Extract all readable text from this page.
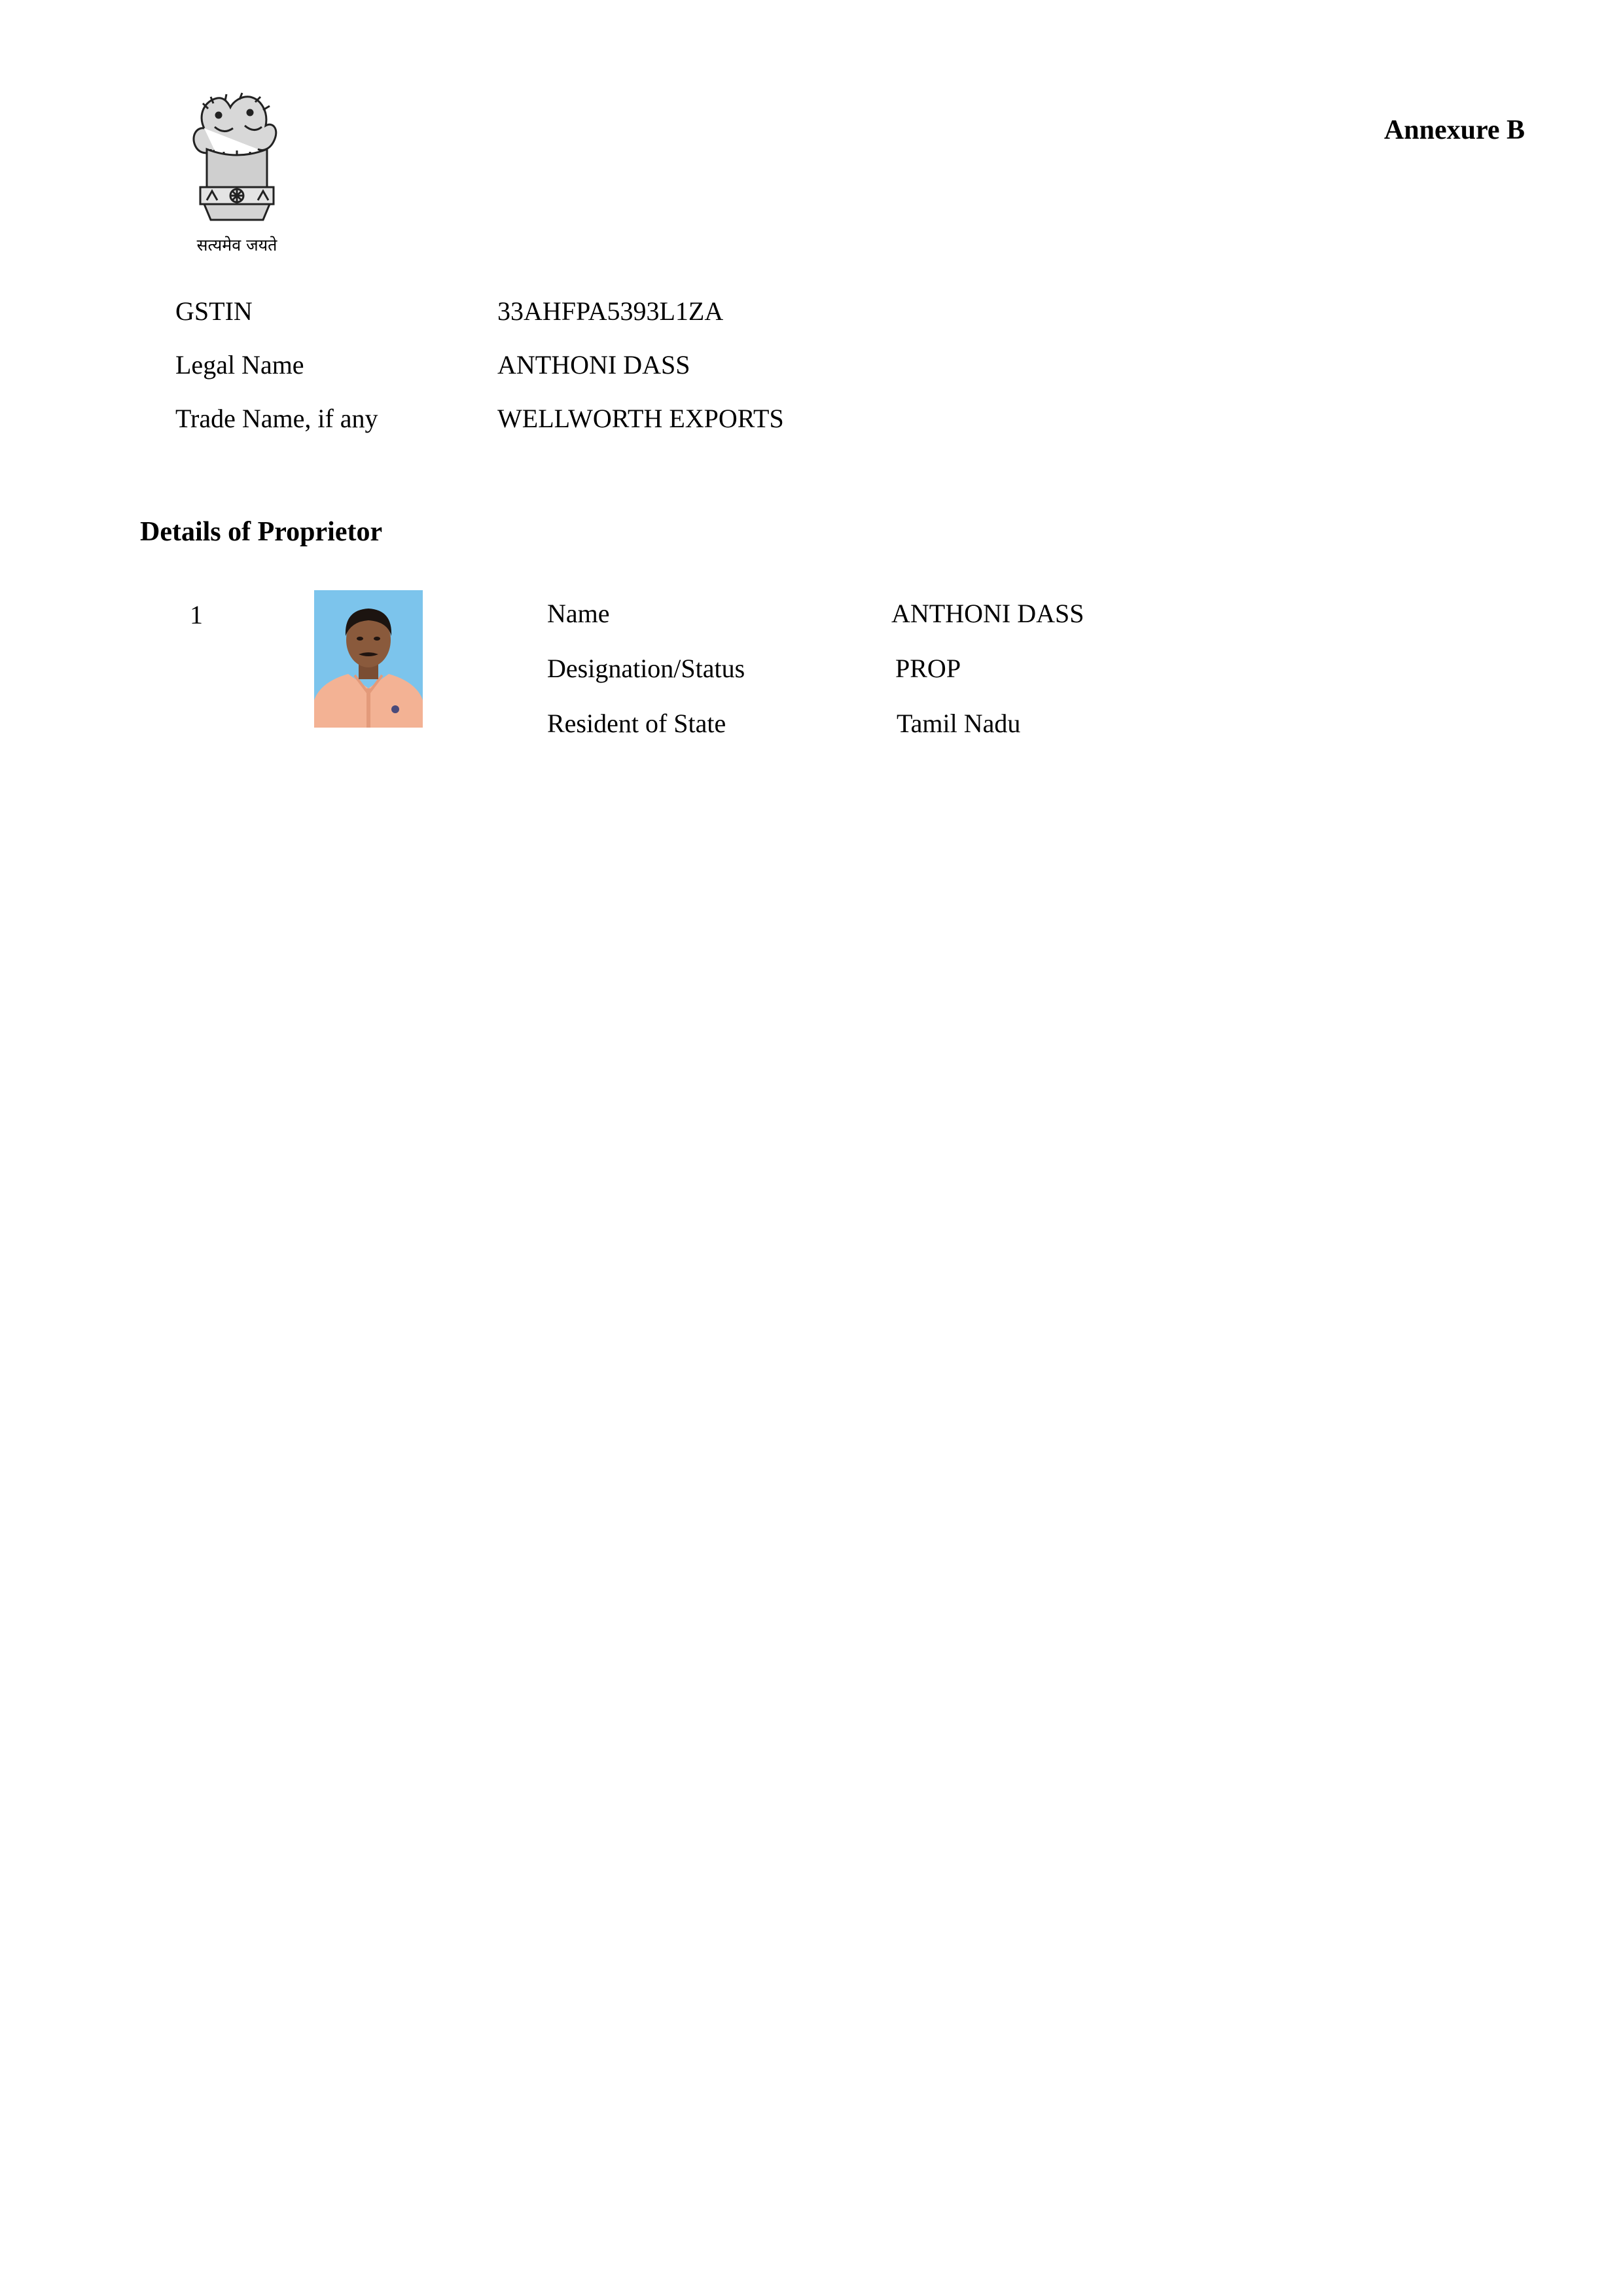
सत्यमेव जयते
Annexure B
GSTIN	33AHFPA5393L1ZA
Legal Name	ANTHONI DASS
Trade Name, if any	WELLWORTH EXPORTS
Details of Proprietor
1	Name	ANTHONI DASS
Designation/Status	PROP
Resident of State	Tamil Nadu
